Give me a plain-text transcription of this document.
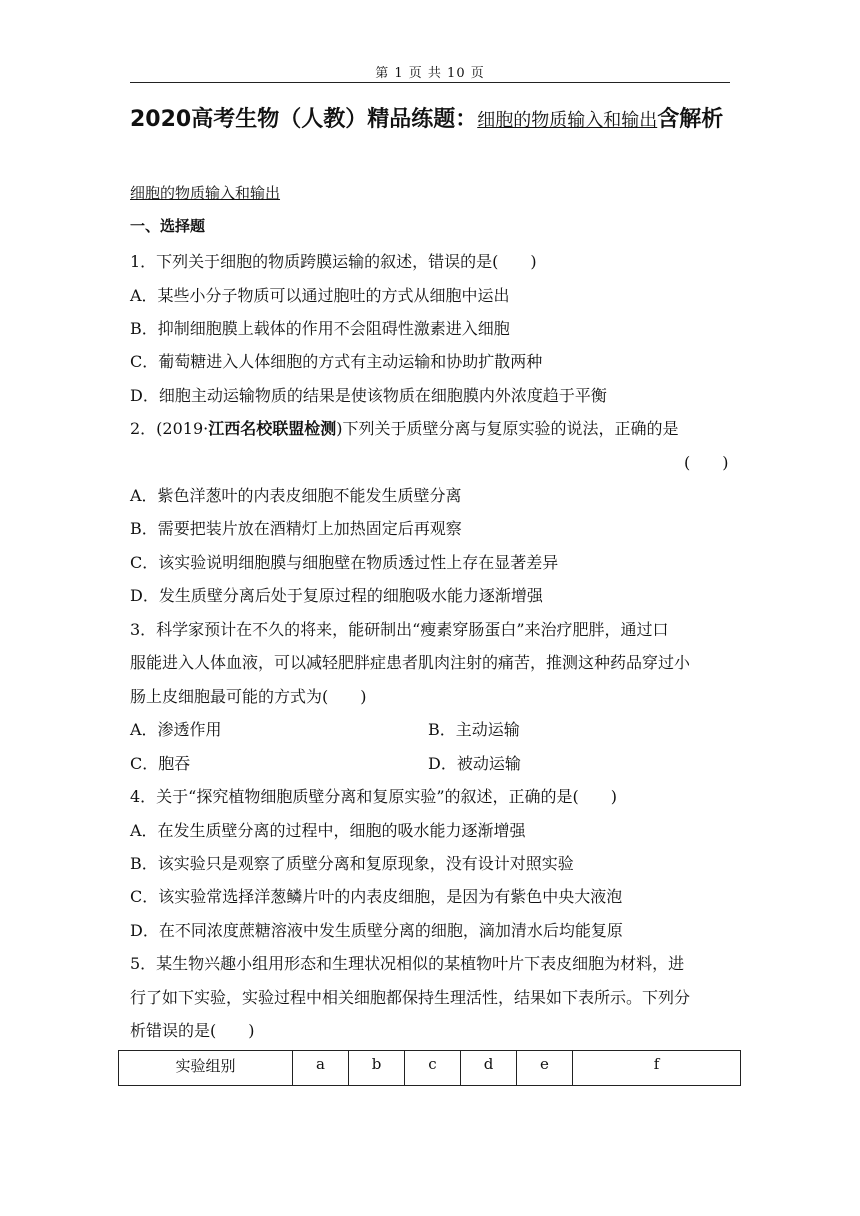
第 1 页 共 10 页
2020高考生物（人教）精品练题：细胞的物质输入和输出含解析
细胞的物质输入和输出
一、选择题
1．下列关于细胞的物质跨膜运输的叙述，错误的是(　　)
A．某些小分子物质可以通过胞吐的方式从细胞中运出
B．抑制细胞膜上载体的作用不会阻碍性激素进入细胞
C．葡萄糖进入人体细胞的方式有主动运输和协助扩散两种
D．细胞主动运输物质的结果是使该物质在细胞膜内外浓度趋于平衡
2．(2019·江西名校联盟检测)下列关于质壁分离与复原实验的说法，正确的是
(　　)
A．紫色洋葱叶的内表皮细胞不能发生质壁分离
B．需要把装片放在酒精灯上加热固定后再观察
C．该实验说明细胞膜与细胞壁在物质透过性上存在显著差异
D．发生质壁分离后处于复原过程的细胞吸水能力逐渐增强
3．科学家预计在不久的将来，能研制出“瘦素穿肠蛋白”来治疗肥胖，通过口
服能进入人体血液，可以减轻肥胖症患者肌肉注射的痛苦，推测这种药品穿过小
肠上皮细胞最可能的方式为(　　)
A．渗透作用	B．主动运输
C．胞吞	D．被动运输
4．关于“探究植物细胞质壁分离和复原实验”的叙述，正确的是(　　)
A．在发生质壁分离的过程中，细胞的吸水能力逐渐增强
B．该实验只是观察了质壁分离和复原现象，没有设计对照实验
C．该实验常选择洋葱鳞片叶的内表皮细胞，是因为有紫色中央大液泡
D．在不同浓度蔗糖溶液中发生质壁分离的细胞，滴加清水后均能复原
5．某生物兴趣小组用形态和生理状况相似的某植物叶片下表皮细胞为材料，进
行了如下实验，实验过程中相关细胞都保持生理活性，结果如下表所示。下列分
析错误的是(　　)
实验组别	a	b	c	d	e	f
